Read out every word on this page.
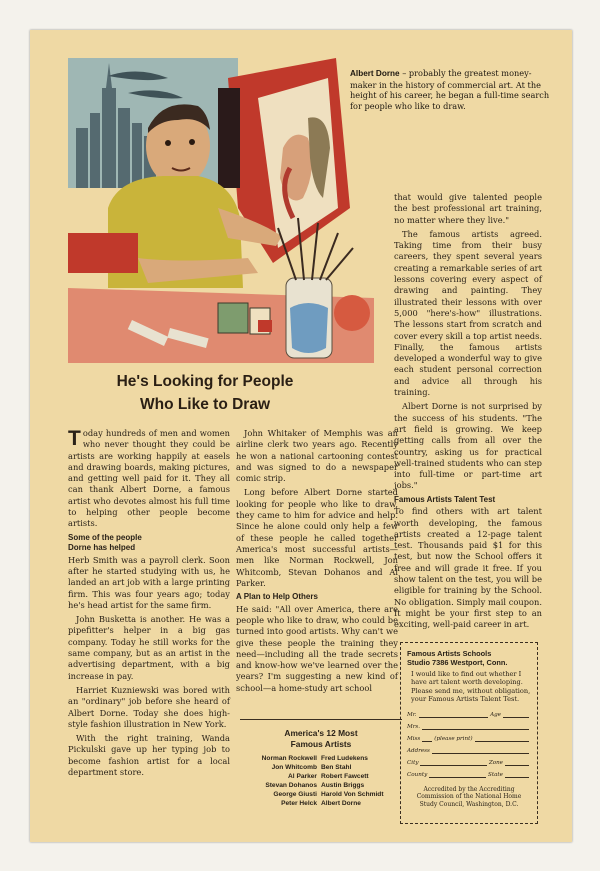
Albert Dorne – probably the greatest money-maker in the history of commercial art. At the height of his career, he began a full-time search for people who like to draw.
He's Looking for People
Who Like to Draw

Today hundreds of men and women who never thought they could be artists are working happily at easels and drawing boards, making pictures, and getting well paid for it. They all can thank Albert Dorne, a famous artist who devotes almost his full time to helping other people become artists.

Some of the people
Dorne has helped

Herb Smith was a payroll clerk. Soon after he started studying with us, he landed an art job with a large printing firm. This was four years ago; today he's head artist for the same firm.

John Busketta is another. He was a pipefitter's helper in a big gas company. Today he still works for the same company, but as an artist in the advertising department, with a big increase in pay.

Harriet Kuzniewski was bored with an "ordinary" job before she heard of Albert Dorne. Today she does high-style fashion illustration in New York.

With the right training, Wanda Pickulski gave up her typing job to become fashion artist for a local department store.

John Whitaker of Memphis was an airline clerk two years ago. Recently he won a national cartooning contest and was signed to do a newspaper comic strip.

Long before Albert Dorne started looking for people who like to draw, they came to him for advice and help. Since he alone could only help a few of these people he called together America's most successful artists—men like Norman Rockwell, Jon Whitcomb, Stevan Dohanos and Al Parker.

A Plan to Help Others

He said: "All over America, there are people who like to draw, who could be turned into good artists. Why can't we give these people the training they need—including all the trade secrets and know-how we've learned over the years? I'm suggesting a new kind of school—a home-study art school

that would give talented people the best professional art training, no matter where they live."

The famous artists agreed. Taking time from their busy careers, they spent several years creating a remarkable series of art lessons covering every aspect of drawing and painting. They illustrated their lessons with over 5,000 "here's-how" illustrations. The lessons start from scratch and cover every skill a top artist needs. Finally, the famous artists developed a wonderful way to give each student personal correction and advice all through his training.

Albert Dorne is not surprised by the success of his students. "The art field is growing. We keep getting calls from all over the country, asking us for practical well-trained students who can step into full-time or part-time art jobs."

Famous Artists Talent Test

To find others with art talent worth developing, the famous artists created a 12-page talent test. Thousands paid $1 for this test, but now the School offers it free and will grade it free. If you show talent on the test, you will be eligible for training by the School. No obligation. Simply mail coupon. It might be your first step to an exciting, well-paid career in art.

America's 12 Most
Famous Artists
Norman Rockwell	Fred Ludekens
Jon Whitcomb	Ben Stahl
Al Parker	Robert Fawcett
Stevan Dohanos	Austin Briggs
George Giusti	Harold Von Schmidt
Peter Helck	Albert Dorne
Famous Artists Schools
Studio 7386 Westport, Conn.
I would like to find out whether I have art talent worth developing. Please send me, without obligation, your Famous Artists Talent Test.
Mr.	Age
Mrs.
Miss	(please print)
Address
City	Zone
County	State
Accredited by the Accrediting Commission of the National Home Study Council, Washington, D.C.
